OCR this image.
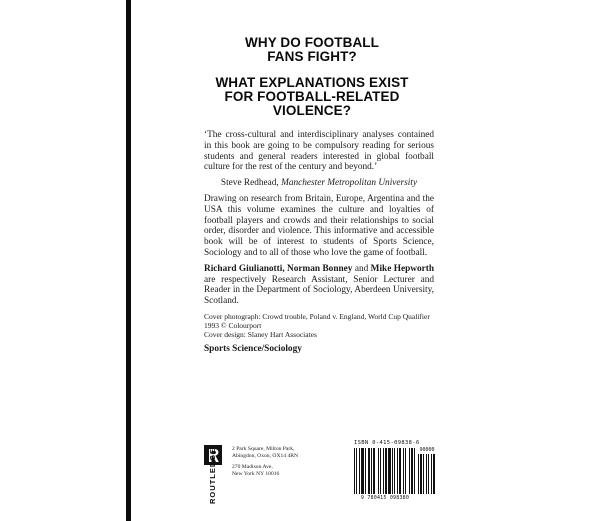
WHY DO FOOTBALL
FANS FIGHT?
WHAT EXPLANATIONS EXIST
FOR FOOTBALL-RELATED
VIOLENCE?

‘The cross-cultural and interdisciplinary analyses contained in this book are going to be compulsory reading for serious students and general readers interested in global football culture for the rest of the century and beyond.’

Steve Redhead, Manchester Metropolitan University

Drawing on research from Britain, Europe, Argentina and the USA this volume examines the culture and loyalties of football players and crowds and their relationships to social order, disorder and violence. This informative and accessible book will be of interest to students of Sports Science, Sociology and to all of those who love the game of football.

Richard Giulianotti, Norman Bonney and Mike Hepworth are respectively Research Assistant, Senior Lecturer and Reader in the Department of Sociology, Aberdeen University, Scotland.

Cover photograph: Crowd trouble, Poland v. England, World Cup Qualifier 1993 © Colourport

Cover design: Slaney Hart Associates

Sports Science/Sociology

ROUTLEDGE	2 Park Square, Milton Park,
Abingdon, Oxon, OX14 4RN
270 Madison Ave,
New York NY 10016
ISBN 0-415-09838-6
90000
9 780415 098380
